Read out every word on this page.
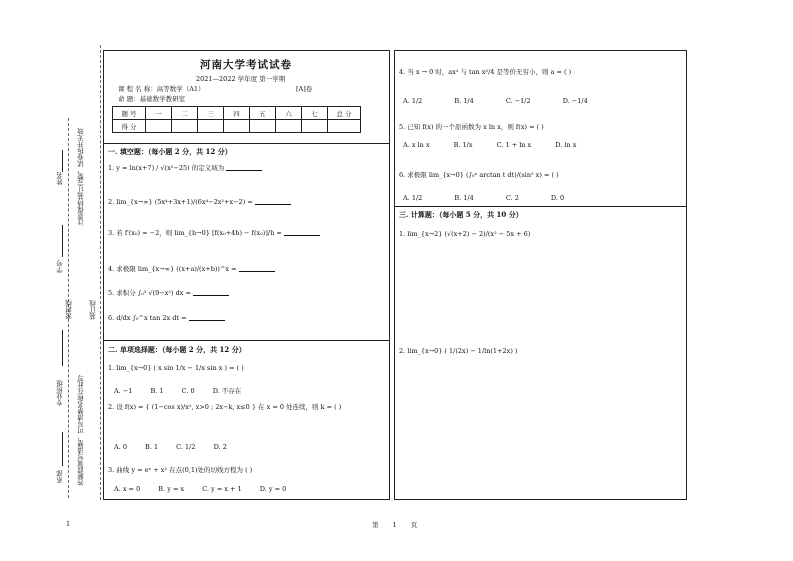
姓名 注意保持装订完整，试卷拆开无效
学号
密封线 装订线
专业班级 答题前须写清楚，可写清楚名称在此写
系部
河南大学考试试卷
2021—2022 学年度 第一学期
课 程 名 称：高等数学（A1）	[A]卷
命 题：基础数学教研室
题 号	一	二	三	四	五	六	七	总 分
得 分								
一. 填空题：（每小题 2 分，共 12 分）
1. y = ln(x+7) / √(x²−25) 的定义域为
2. lim_{x→∞} (5x⁴+3x+1)/(6x⁴−2x²+x−2) =
3. 若 f′(x₀) = −2，则 lim_{h→0} [f(x₀+4h) − f(x₀)]/h =
4. 求极限 lim_{x→∞} ((x+a)/(x+b))^x =
5. 求积分 ∫₀³ √(9−x²) dx =
6. d/dx ∫₀^x tan 2x dt =
二. 单项选择题：（每小题 2 分，共 12 分）
1. lim_{x→0} ( x sin 1/x − 1/x sin x ) = ( )
A. −1	B. 1	C. 0	D. 不存在
2. 设 f(x) = { (1−cos x)/x², x>0 ; 2x−k, x≤0 } 在 x = 0 处连续，则 k = ( )
A. 0	B. 1	C. 1/2	D. 2
3. 曲线 y = eˣ + x² 在点(0,1)处的切线方程为 ( )
A. x = 0	B. y = x	C. y = x + 1	D. y = 0
4. 当 x → 0 时，ax² 与 tan x²/4 是等价无穷小，则 a = ( )
A. 1/2	B. 1/4	C. −1/2	D. −1/4
5. 已知 f(x) 的一个原函数为 x ln x，则 f(x) = ( )
A. x ln x	B. 1/x	C. 1 + ln x	D. ln x
6. 求极限 lim_{x→0} (∫₀ˣ arctan t dt)/(sin² x) = ( )
A. 1/2	B. 1/4	C. 2	D. 0
三. 计算题：（每小题 5 分，共 10 分）
1. lim_{x→2} (√(x+2) − 2)/(x² − 5x + 6)
2. lim_{x→0} ( 1/(2x) − 1/ln(1+2x) )
1	第 1 页
